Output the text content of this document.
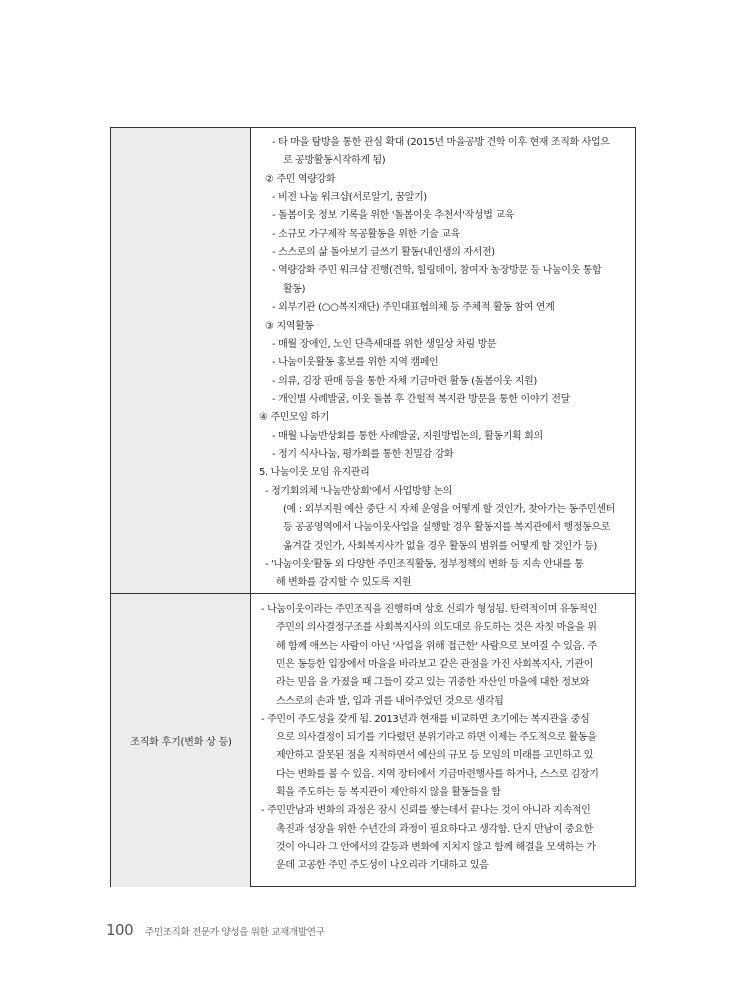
- 타 마을 탐방을 통한 관심 확대 (2015년 마을공방 견학 이후 현재 조직화 사업으
로 공방활동시작하게 됨)
② 주민 역량강화
- 비전 나눔 워크샵(서로알기, 꿈알기)
- 돌봄이웃 정보 기록을 위한 '돌봄이웃 추천서'작성법 교육
- 소규모 가구제작 목공활동을 위한 기술 교육
- 스스로의 삶 돌아보기 글쓰기 활동(내인생의 자서전)
- 역량강화 주민 워크샵 진행(견학, 힐링데이, 참여자 농장방문 등 나눔이웃 통합
활동)
- 외부기관 (○○복지재단) 주민대표협의체 등 주체적 활동 참여 연계
③ 지역활동
- 매월 장애인, 노인 단측세대를 위한 생일상 차림 방문
- 나눔이웃활동 홍보를 위한 지역 캠페인
- 의류, 김장 판매 등을 통한 자체 기금마련 활동 (돌봄이웃 지원)
- 개인별 사례발굴, 이웃 돌봄 후 간헐적 복지관 방문을 통한 이야기 전달
④ 주민모임 하기
- 매월 나눔반상회를 통한 사례발굴, 지원방법논의, 활동기획 회의
- 정기 식사나눔, 평가회를 통한 친밀감 강화
5. 나눔이웃 모임 유지관리
- 정기회의체 '나눔반상회'에서 사업방향 논의
(예 : 외부지원 예산 중단 시 자체 운영을 어떻게 할 것인가, 찾아가는 동주민센터
등 공공영역에서 나눔이웃사업을 실행할 경우 활동지를 복지관에서 행정동으로
옮겨갈 것인가, 사회복지사가 없을 경우 활동의 범위를 어떻게 할 것인가 등)
- '나눔이웃'활동 외 다양한 주민조직활동, 정부정책의 변화 등 지속 안내를 통
해 변화를 감지할 수 있도록 지원
조직화 후기(변화 상 등)
- 나눔이웃이라는 주민조직을 진행하며 상호 신뢰가 형성됨. 탄력적이며 유동적인
주민의 의사결정구조를 사회복지사의 의도대로 유도하는 것은 자칫 마을을 위
해 함께 애쓰는 사람이 아닌 '사업을 위해 접근한' 사람으로 보여질 수 있음. 주
민은 동등한 입장에서 마을을 바라보고 같은 관점을 가진 사회복지사, 기관이
라는 믿음 을 가졌을 때 그들이 갖고 있는 귀중한 자산인 마을에 대한 정보와
스스로의 손과 발, 입과 귀를 내어주었던 것으로 생각됨
- 주민이 주도성을 갖게 됨. 2013년과 현재를 비교하면 초기에는 복지관을 중심
으로 의사결정이 되기를 기다렸던 분위기라고 하면 이제는 주도적으로 활동을
제안하고 잘못된 점을 지적하면서 예산의 규모 등 모임의 미래를 고민하고 있
다는 변화를 볼 수 있음. 지역 장터에서 기금마련행사를 하거나, 스스로 김장기
획을 주도하는 등 복지관이 제안하지 않을 활동들을 함
- 주민만남과 변화의 과정은 잠시 신뢰를 쌓는데서 끝나는 것이 아니라 지속적인
촉진과 성장을 위한 수년간의 과정이 필요하다고 생각함. 단지 만남이 중요한
것이 아니라 그 안에서의 갈등과 변화에 지치지 않고 함께 해결을 모색하는 가
운데 고공한 주민 주도성이 나오리라 기대하고 있음
100 주민조직화 전문가 양성을 위한 교재개발연구
